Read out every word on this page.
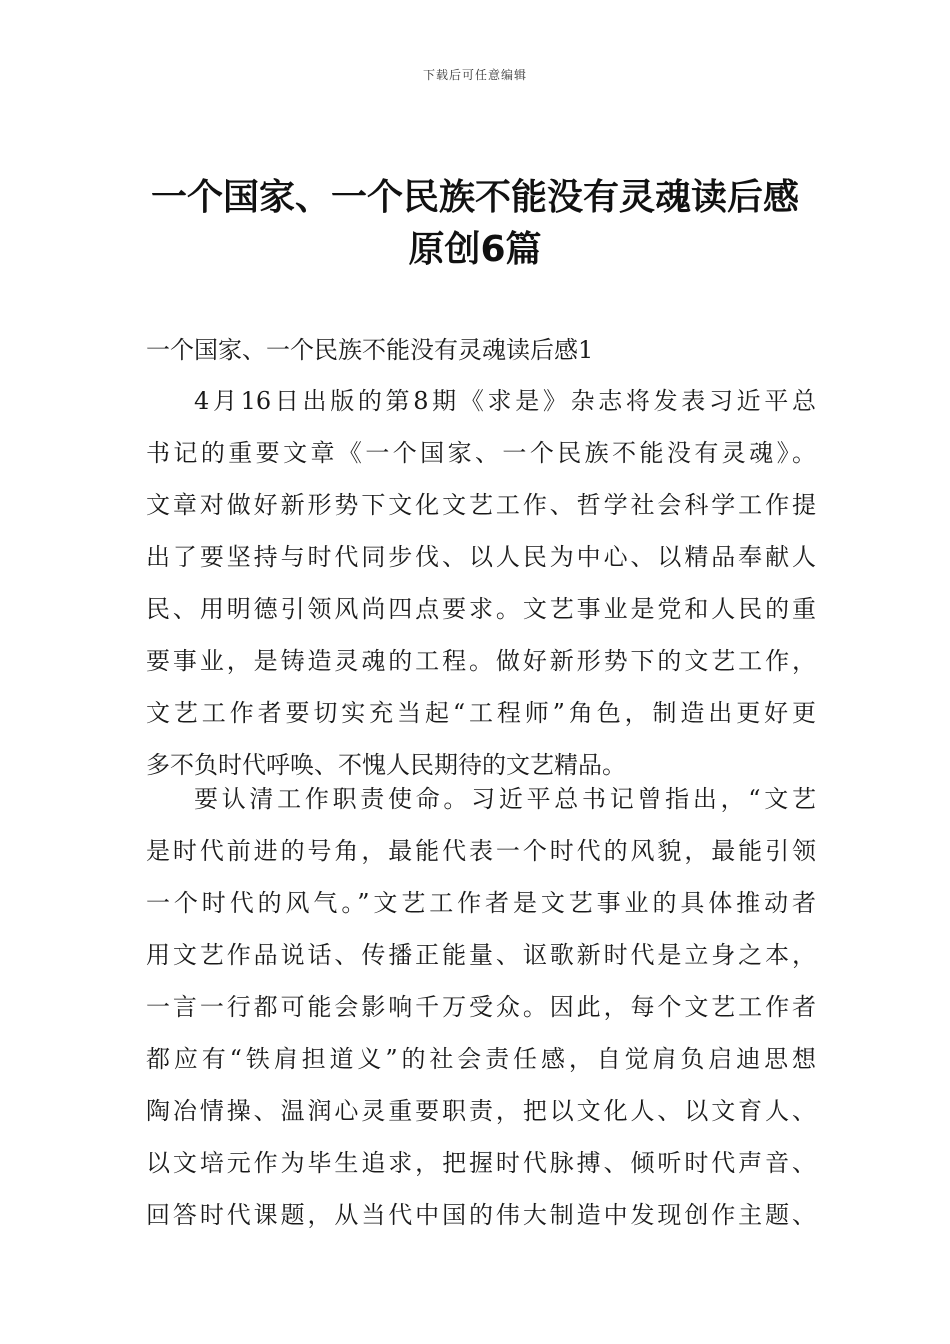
下载后可任意编辑
一个国家、一个民族不能没有灵魂读后感
原创6篇
一个国家、一个民族不能没有灵魂读后感1
4月16日出版的第8期《求是》杂志将发表习近平总
书记的重要文章《一个国家、一个民族不能没有灵魂》。
文章对做好新形势下文化文艺工作、哲学社会科学工作提
出了要坚持与时代同步伐、以人民为中心、以精品奉献人
民、用明德引领风尚四点要求。文艺事业是党和人民的重
要事业，是铸造灵魂的工程。做好新形势下的文艺工作，
文艺工作者要切实充当起“工程师”角色，制造出更好更
多不负时代呼唤、不愧人民期待的文艺精品。
要认清工作职责使命。习近平总书记曾指出，“文艺
是时代前进的号角，最能代表一个时代的风貌，最能引领
一个时代的风气。”文艺工作者是文艺事业的具体推动者
用文艺作品说话、传播正能量、讴歌新时代是立身之本，
一言一行都可能会影响千万受众。因此，每个文艺工作者
都应有“铁肩担道义”的社会责任感，自觉肩负启迪思想
陶冶情操、温润心灵重要职责，把以文化人、以文育人、
以文培元作为毕生追求，把握时代脉搏、倾听时代声音、
回答时代课题，从当代中国的伟大制造中发现创作主题、
